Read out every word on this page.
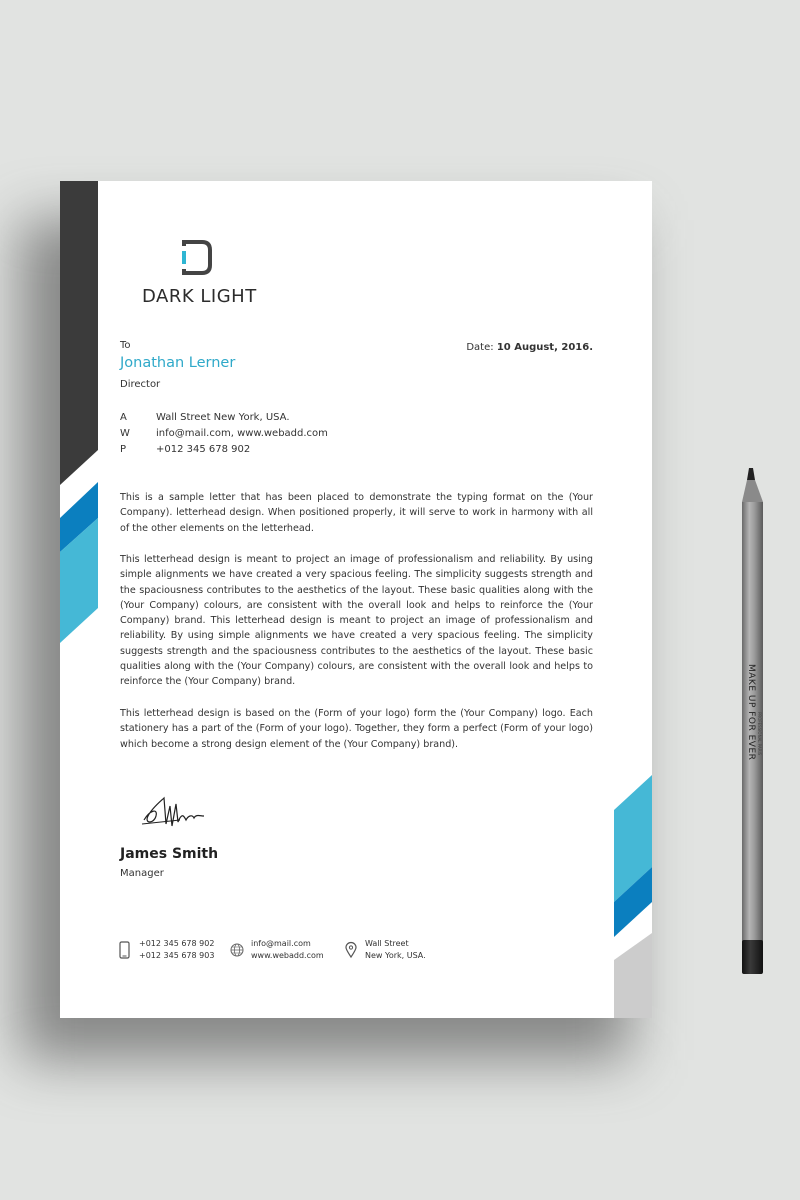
DARK LIGHT
To
Jonathan Lerner
Director
Date: 10 August, 2016.
A	Wall Street New York, USA.
W	info@mail.com, www.webadd.com
P	+012 345 678 902

This is a sample letter that has been placed to demonstrate the typing format on the (Your Company). letterhead design. When positioned properly, it will serve to work in harmony with all of the other elements on the letterhead.

This letterhead design is meant to project an image of professionalism and reliability. By using simple alignments we have created a very spacious feeling. The simplicity suggests strength and the spaciousness contributes to the aesthetics of the layout. These basic qualities along with the (Your Company) colours, are consistent with the overall look and helps to reinforce the (Your Company) brand. This letterhead design is meant to project an image of professionalism and reliability. By using simple alignments we have created a very spacious feeling. The simplicity suggests strength and the spaciousness contributes to the aesthetics of the layout. These basic qualities along with the (Your Company) colours, are consistent with the overall look and helps to reinforce the (Your Company) brand.

This letterhead design is based on the (Form of your logo) form the (Your Company) logo. Each stationery has a part of the (Form of your logo). Together, they form a perfect (Form of your logo) which become a strong design element of the (Your Company) brand).

James Smith
Manager
+012 345 678 902
+012 345 678 903
info@mail.com
www.webadd.com
Wall Street
New York, USA.
MAKE UP FOR EVER PROFESSIONAL PARIS
